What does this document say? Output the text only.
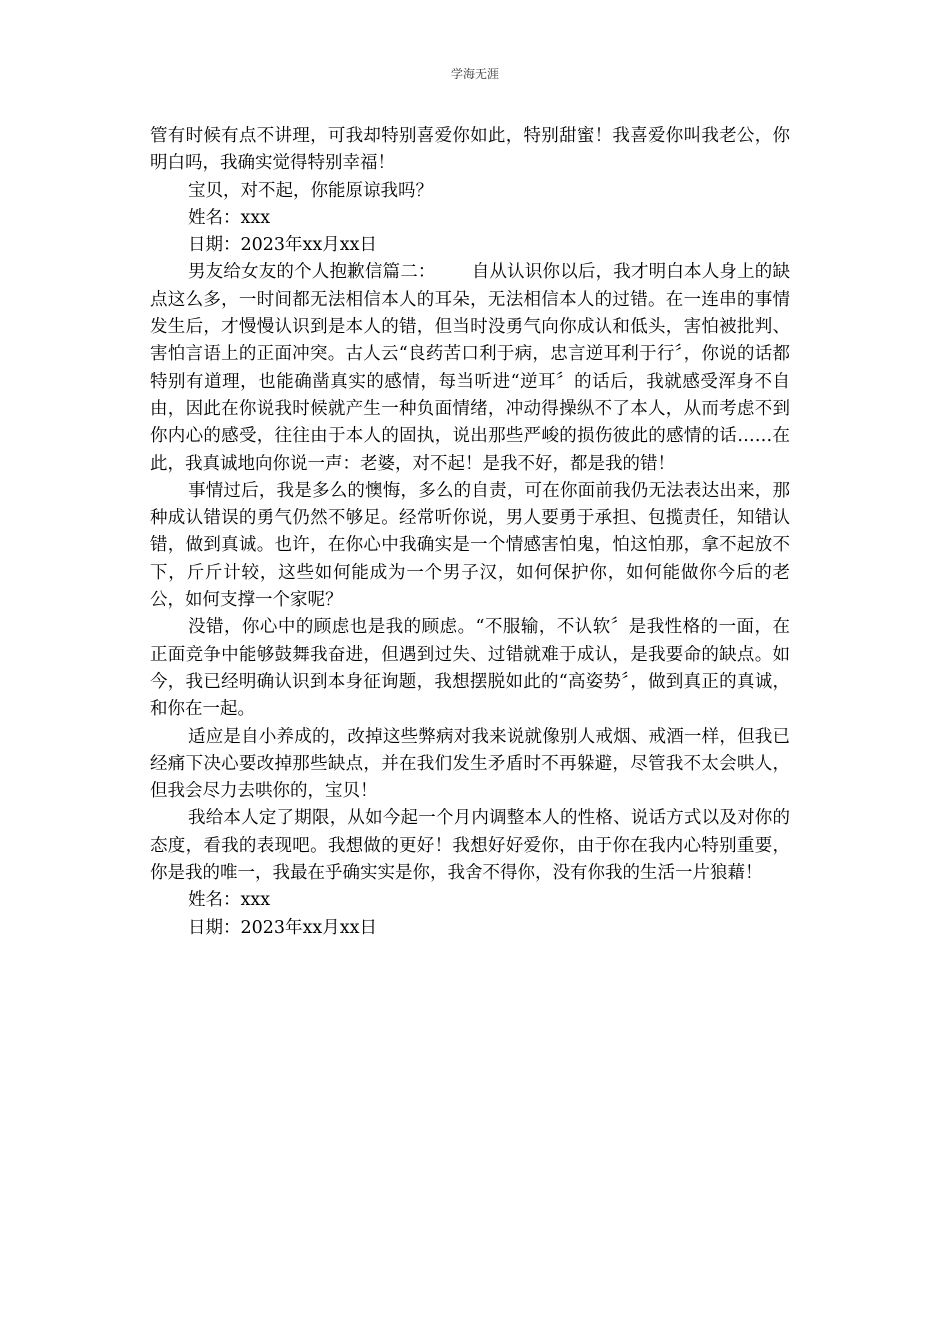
学海无涯

管有时候有点不讲理，可我却特别喜爱你如此，特别甜蜜！我喜爱你叫我老公，你明白吗，我确实觉得特别幸福！

宝贝，对不起，你能原谅我吗？

姓名：xxx

日期：2023年xx月xx日

男友给女友的个人抱歉信篇二： 自从认识你以后，我才明白本人身上的缺点这么多，一时间都无法相信本人的耳朵，无法相信本人的过错。在一连串的事情发生后，才慢慢认识到是本人的错，但当时没勇气向你成认和低头，害怕被批判、害怕言语上的正面冲突。古人云“良药苦口利于病，忠言逆耳利于行〞，你说的话都特别有道理，也能确凿真实的感情，每当听进“逆耳〞的话后，我就感受浑身不自由，因此在你说我时候就产生一种负面情绪，冲动得操纵不了本人，从而考虑不到你内心的感受，往往由于本人的固执，说出那些严峻的损伤彼此的感情的话……在此，我真诚地向你说一声：老婆，对不起！是我不好，都是我的错！

事情过后，我是多么的懊悔，多么的自责，可在你面前我仍无法表达出来，那种成认错误的勇气仍然不够足。经常听你说，男人要勇于承担、包揽责任，知错认错，做到真诚。也许，在你心中我确实是一个情感害怕鬼，怕这怕那，拿不起放不下，斤斤计较，这些如何能成为一个男子汉，如何保护你，如何能做你今后的老公，如何支撑一个家呢？

没错，你心中的顾虑也是我的顾虑。“不服输，不认软〞是我性格的一面，在正面竞争中能够鼓舞我奋进，但遇到过失、过错就难于成认，是我要命的缺点。如今，我已经明确认识到本身征询题，我想摆脱如此的“高姿势〞，做到真正的真诚，和你在一起。

适应是自小养成的，改掉这些弊病对我来说就像别人戒烟、戒酒一样，但我已经痛下决心要改掉那些缺点，并在我们发生矛盾时不再躲避，尽管我不太会哄人，但我会尽力去哄你的，宝贝！

我给本人定了期限，从如今起一个月内调整本人的性格、说话方式以及对你的态度，看我的表现吧。我想做的更好！我想好好爱你，由于你在我内心特别重要，你是我的唯一，我最在乎确实实是你，我舍不得你，没有你我的生活一片狼藉！

姓名：xxx

日期：2023年xx月xx日
